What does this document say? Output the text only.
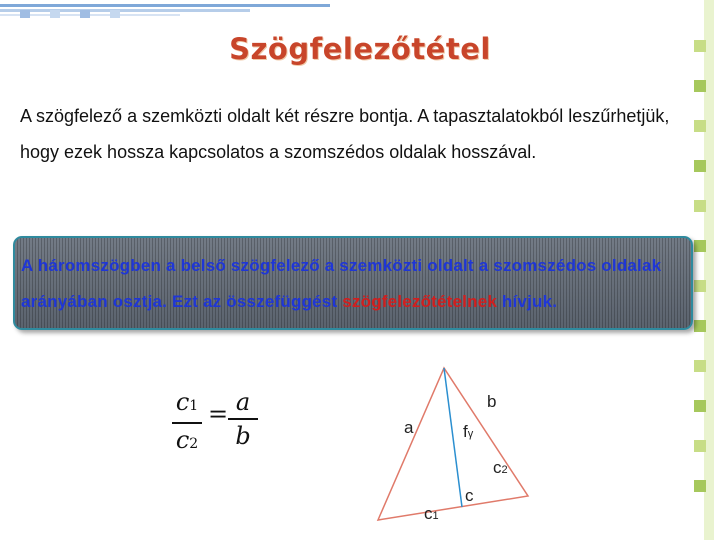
Szögfelezőtétel
A szögfelező a szemközti oldalt két részre bontja. A tapasztalatokból leszűrhetjük, hogy ezek hossza kapcsolatos a szomszédos oldalak hosszával.
A háromszögben a belső szögfelező a szemközti oldalt a szomszédos oldalak arányában osztja. Ezt az összefüggést szögfelezőtételnek hívjuk.
c1
c2
= a
b	a
b
fγ
c2
c
c1
